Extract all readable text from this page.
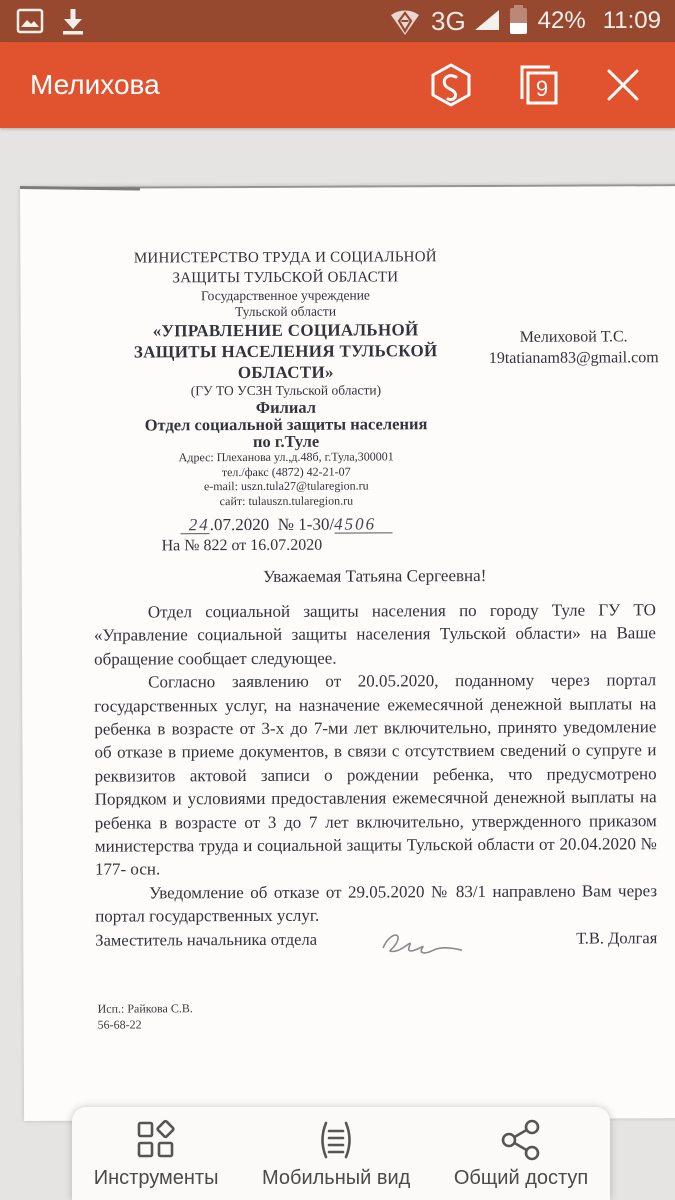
3G	42% 11:09
Мелихова	9
МИНИСТЕРСТВО ТРУДА И СОЦИАЛЬНОЙ
ЗАЩИТЫ ТУЛЬСКОЙ ОБЛАСТИ
Государственное учреждение
Тульской области
«УПРАВЛЕНИЕ СОЦИАЛЬНОЙ
ЗАЩИТЫ НАСЕЛЕНИЯ ТУЛЬСКОЙ
ОБЛАСТИ»
(ГУ ТО УСЗН Тульской области)
Филиал
Отдел социальной защиты населения
по г.Туле
Адрес: Плеханова ул.,д.48б, г.Тула,300001
тел./факс (4872) 42-21-07
e-mail: uszn.tula27@tularegion.ru
сайт: tulauszn.tularegion.ru
24.07.2020 № 1-30/4506
На № 822 от 16.07.2020
Мелиховой Т.С.
19tatianam83@gmail.com
Уважаемая Татьяна Сергеевна!

Отдел социальной защиты населения по городу Туле ГУ ТО «Управление социальной защиты населения Тульской области» на Ваше обращение сообщает следующее.

Согласно заявлению от 20.05.2020, поданному через портал государственных услуг, на назначение ежемесячной денежной выплаты на ребенка в возрасте от 3-х до 7-ми лет включительно, принято уведомление об отказе в приеме документов, в связи с отсутствием сведений о супруге и реквизитов актовой записи о рождении ребенка, что предусмотрено Порядком и условиями предоставления ежемесячной денежной выплаты на ребенка в возрасте от 3 до 7 лет включительно, утвержденного приказом министерства труда и социальной защиты Тульской области от 20.04.2020 № 177- осн.

Уведомление об отказе от 29.05.2020 № 83/1 направлено Вам через портал государственных услуг.

Заместитель начальника отдела	Т.В. Долгая
Исп.: Райкова С.В.
56-68-22
Инструменты Мобильный вид Общий доступ
